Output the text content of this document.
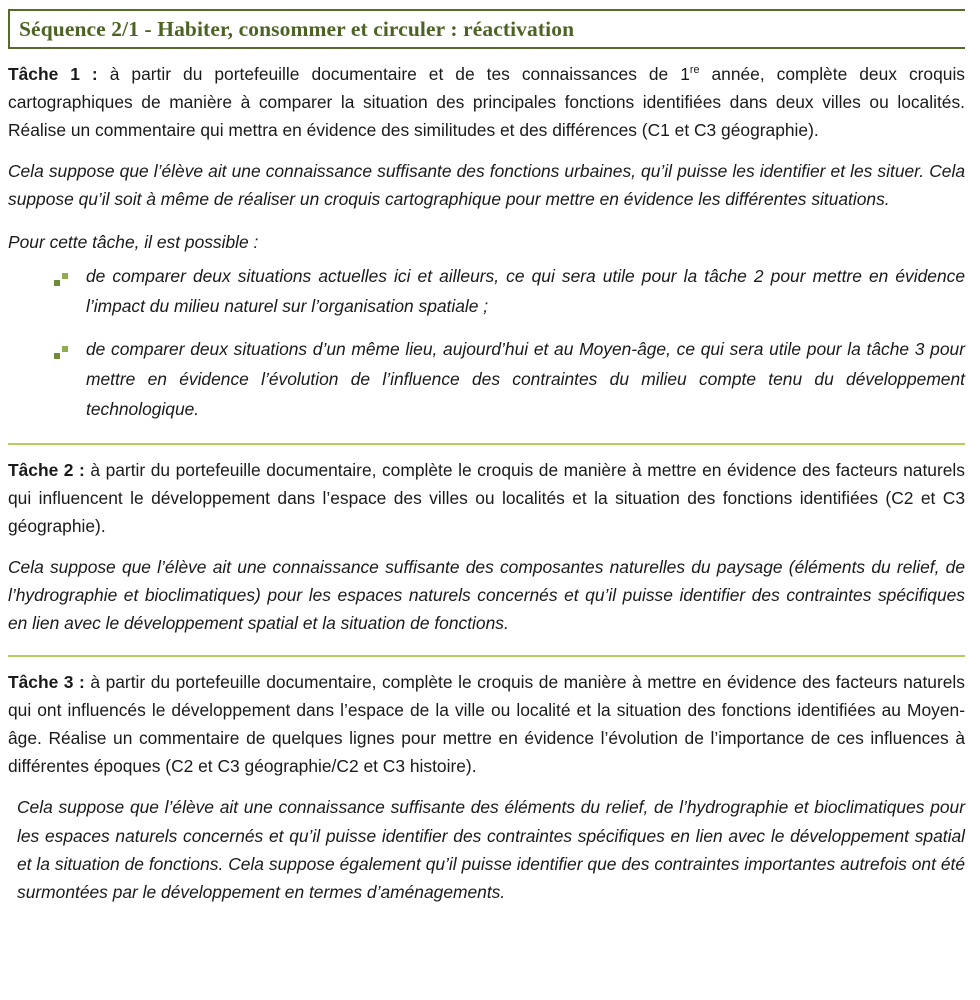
Séquence 2/1 - Habiter, consommer et circuler : réactivation

Tâche 1 : à partir du portefeuille documentaire et de tes connaissances de 1re année, complète deux croquis cartographiques de manière à comparer la situation des principales fonctions identifiées dans deux villes ou localités. Réalise un commentaire qui mettra en évidence des similitudes et des différences (C1 et C3 géographie).

Cela suppose que l’élève ait une connaissance suffisante des fonctions urbaines, qu’il puisse les identifier et les situer. Cela suppose qu’il soit à même de réaliser un croquis cartographique pour mettre en évidence les différentes situations.

Pour cette tâche, il est possible :

de comparer deux situations actuelles ici et ailleurs, ce qui sera utile pour la tâche 2 pour mettre en évidence l’impact du milieu naturel sur l’organisation spatiale ;
de comparer deux situations d’un même lieu, aujourd’hui et au Moyen-âge, ce qui sera utile pour la tâche 3 pour mettre en évidence l’évolution de l’influence des contraintes du milieu compte tenu du développement technologique.

Tâche 2 : à partir du portefeuille documentaire, complète le croquis de manière à mettre en évidence des facteurs naturels qui influencent le développement dans l’espace des villes ou localités et la situation des fonctions identifiées (C2 et C3 géographie).

Cela suppose que l’élève ait une connaissance suffisante des composantes naturelles du paysage (éléments du relief, de l’hydrographie et bioclimatiques) pour les espaces naturels concernés et qu’il puisse identifier des contraintes spécifiques en lien avec le développement spatial et la situation de fonctions.

Tâche 3 : à partir du portefeuille documentaire, complète le croquis de manière à mettre en évidence des facteurs naturels qui ont influencés le développement dans l’espace de la ville ou localité et la situation des fonctions identifiées au Moyen-âge. Réalise un commentaire de quelques lignes pour mettre en évidence l’évolution de l’importance de ces influences à différentes époques (C2 et C3 géographie/C2 et C3 histoire).

Cela suppose que l’élève ait une connaissance suffisante des éléments du relief, de l’hydrographie et bioclimatiques pour les espaces naturels concernés et qu’il puisse identifier des contraintes spécifiques en lien avec le développement spatial et la situation de fonctions. Cela suppose également qu’il puisse identifier que des contraintes importantes autrefois ont été surmontées par le développement en termes d’aménagements.
